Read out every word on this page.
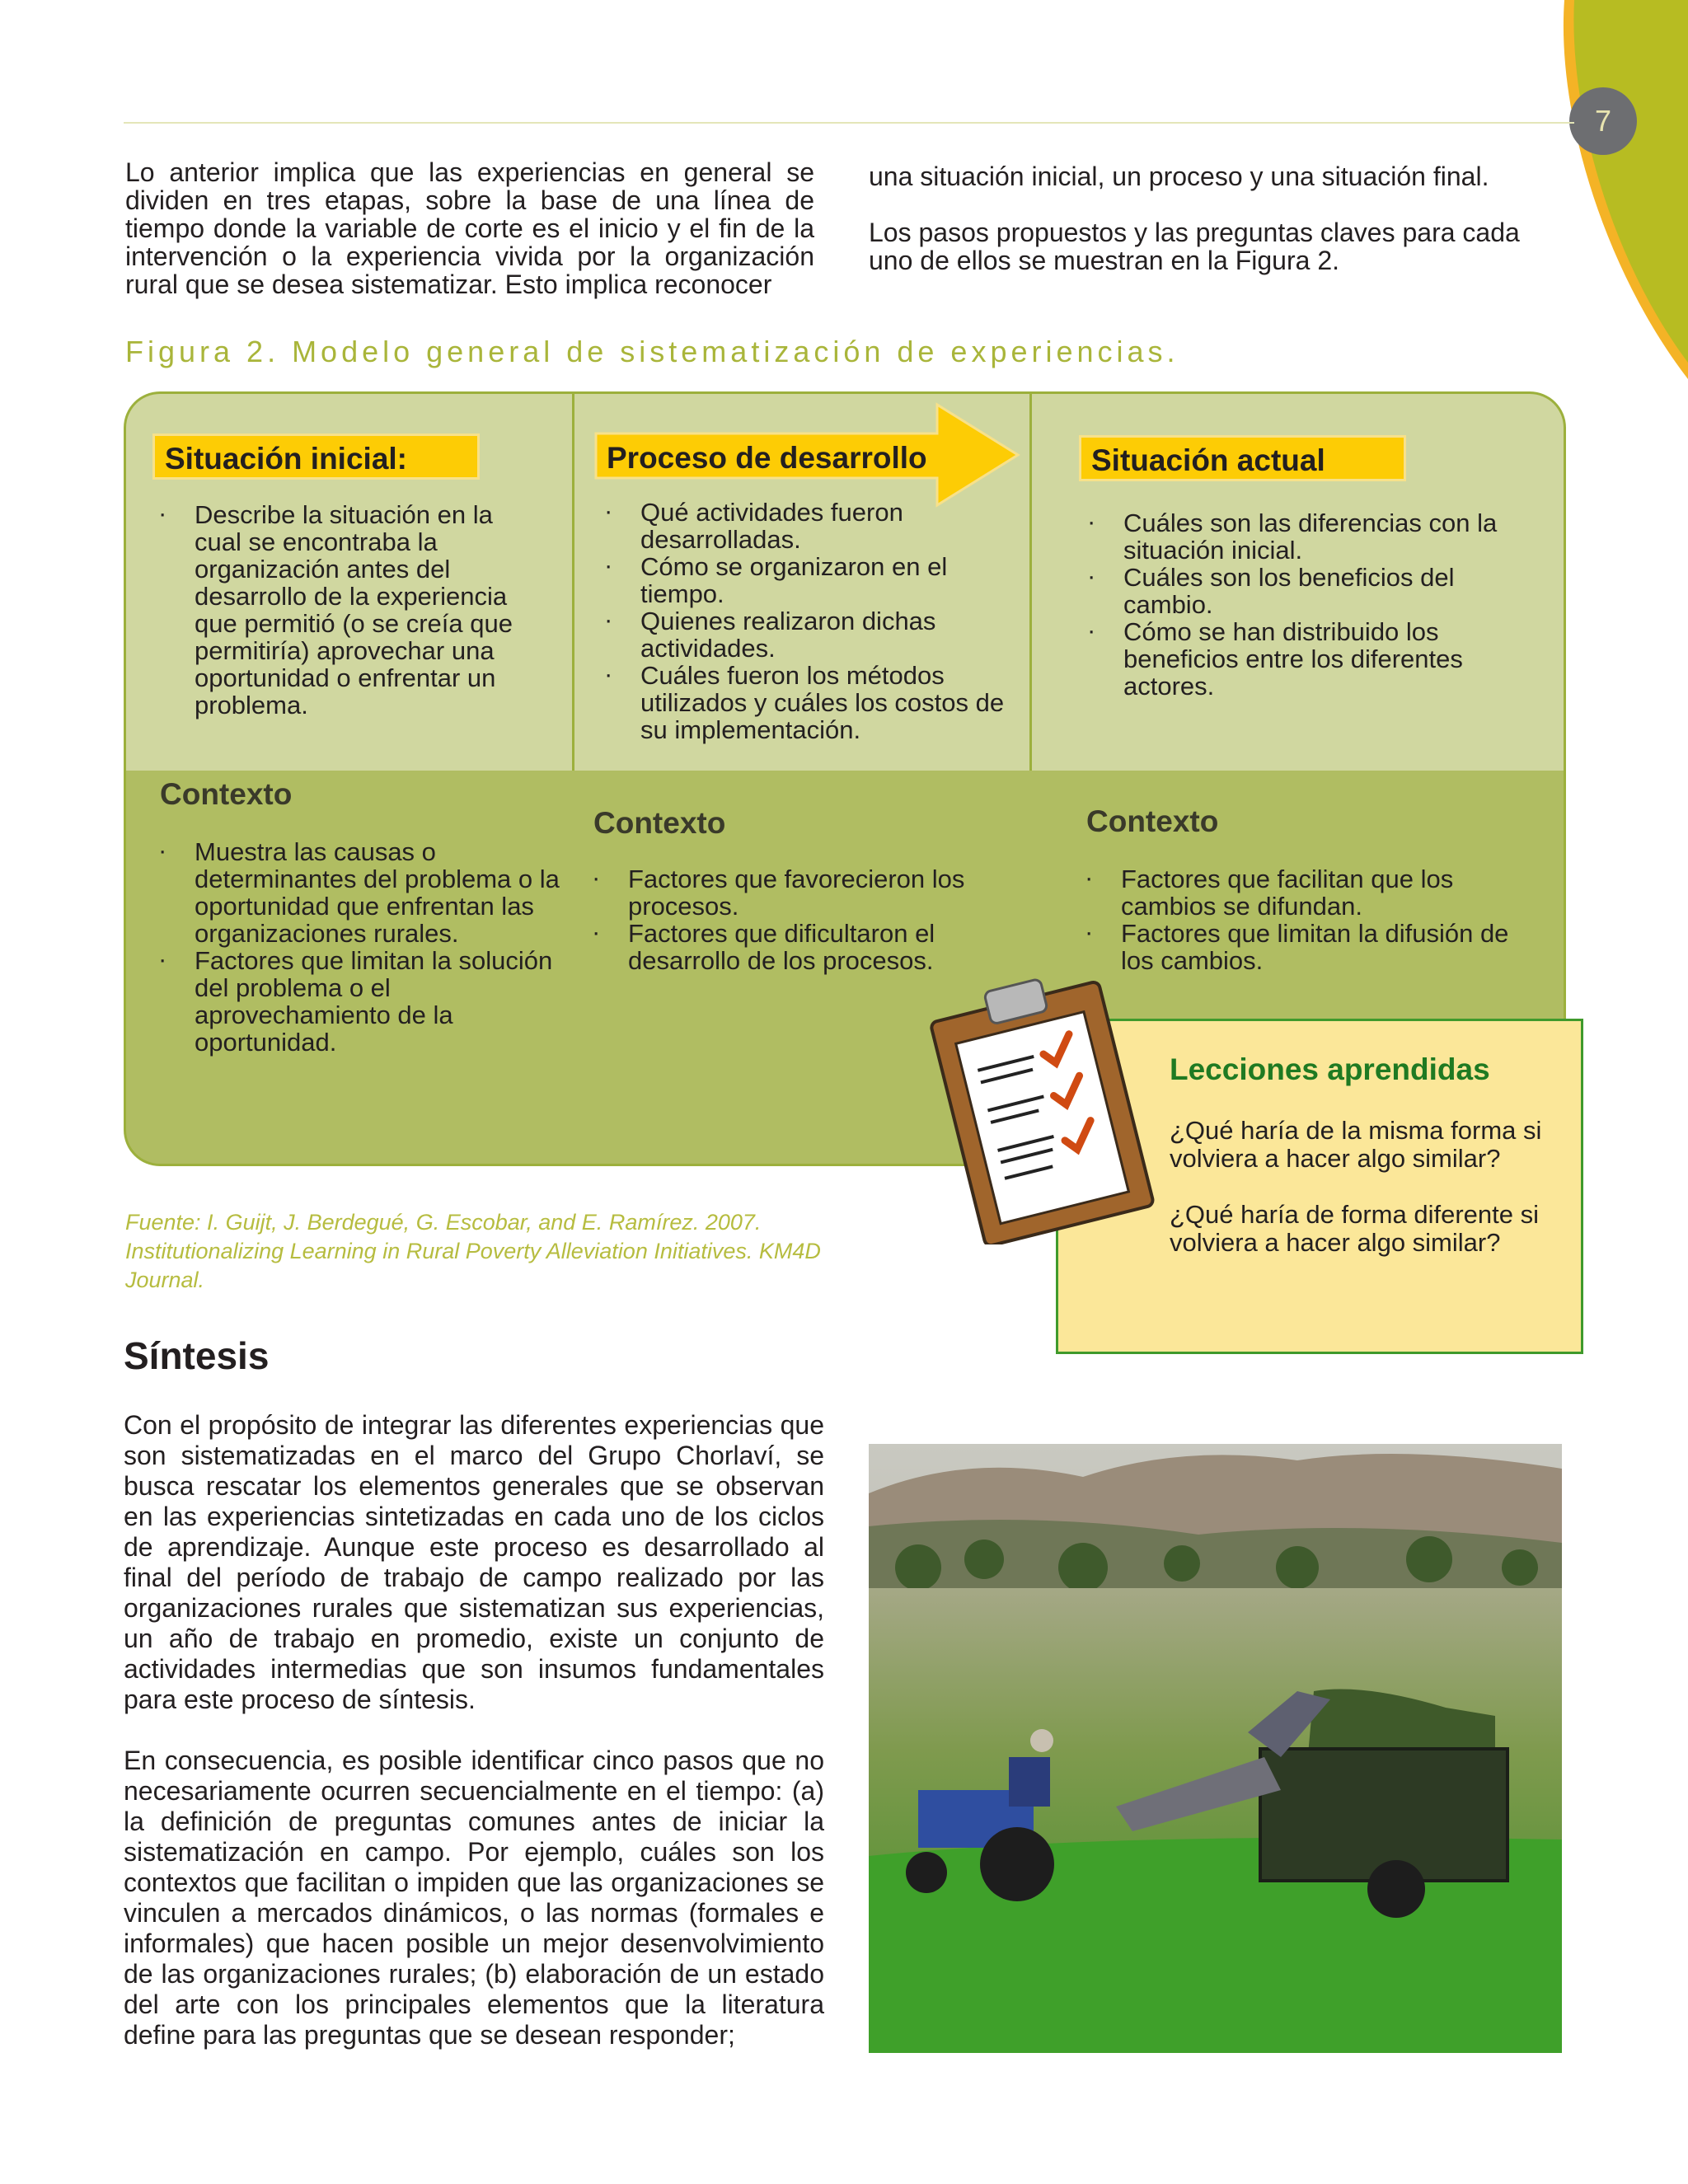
7

Lo anterior implica que las experiencias en general se dividen en tres etapas, sobre la base de una línea de tiempo donde la variable de corte es el inicio y el fin de la intervención o la experiencia vivida por la organización rural que se desea sistematizar. Esto implica reconocer

una situación inicial, un proceso y una situación final.

Los pasos propuestos y las preguntas claves para cada uno de ellos se muestran en la Figura 2.

Figura 2. Modelo general de sistematización de experiencias.
Situación inicial:
· Describe la situación en la cual se encontraba la organización antes del desarrollo de la experiencia que permitió (o se creía que permitiría) aprovechar una oportunidad o enfrentar un problema.
Proceso de desarrollo
· Qué actividades fueron desarrolladas.
· Cómo se organizaron en el tiempo.
· Quienes realizaron dichas actividades.
· Cuáles fueron los métodos utilizados y cuáles los costos de su implementación.
Situación actual
· Cuáles son las diferencias con la situación inicial.
· Cuáles son los beneficios del cambio.
· Cómo se han distribuido los beneficios entre los diferentes actores.
Contexto
· Muestra las causas o determinantes del problema o la oportunidad que enfrentan las organizaciones rurales.
· Factores que limitan la solución del problema o el aprovechamiento de la oportunidad.
Contexto
· Factores que favorecieron los procesos.
· Factores que dificultaron el desarrollo de los procesos.
Contexto
· Factores que facilitan que los cambios se difundan.
· Factores que limitan la difusión de los cambios.
Lecciones aprendidas
¿Qué haría de la misma forma si volviera a hacer algo similar?
¿Qué haría de forma diferente si volviera a hacer algo similar?
Fuente: I. Guijt, J. Berdegué, G. Escobar, and E. Ramírez. 2007. Institutionalizing Learning in Rural Poverty Alleviation Initiatives. KM4D Journal.
Síntesis

Con el propósito de integrar las diferentes experiencias que son sistematizadas en el marco del Grupo Chorlaví, se busca rescatar los elementos generales que se observan en las experiencias sintetizadas en cada uno de los ciclos de aprendizaje. Aunque este proceso es desarrollado al final del período de trabajo de campo realizado por las organizaciones rurales que sistematizan sus experiencias, un año de trabajo en promedio, existe un conjunto de actividades intermedias que son insumos fundamentales para este proceso de síntesis.

En consecuencia, es posible identificar cinco pasos que no necesariamente ocurren secuencialmente en el tiempo: (a) la definición de preguntas comunes antes de iniciar la sistematización en campo. Por ejemplo, cuáles son los contextos que facilitan o impiden que las organizaciones se vinculen a mercados dinámicos, o las normas (formales e informales) que hacen posible un mejor desenvolvimiento de las organizaciones rurales; (b) elaboración de un estado del arte con los principales elementos que la literatura define para las preguntas que se desean responder;
